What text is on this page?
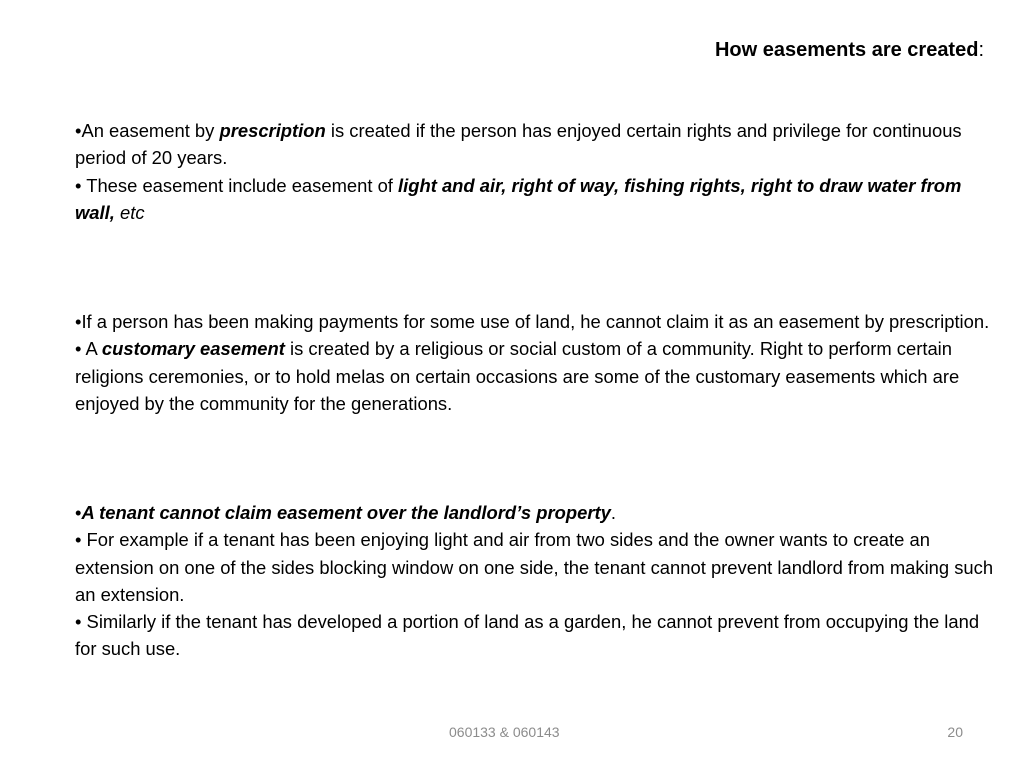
How easements are created:

•An easement by prescription is created if the person has enjoyed certain rights and privilege for continuous period of 20 years.

• These easement include easement of light and air, right of way, fishing rights, right to draw water from wall, etc

•If a person has been making payments for some use of land, he cannot claim it as an easement by prescription.

• A customary easement is created by a religious or social custom of a community. Right to perform certain religions ceremonies, or to hold melas on certain occasions are some of the customary easements which are enjoyed by the community for the generations.

•A tenant cannot claim easement over the landlord’s property.

• For example if a tenant has been enjoying light and air from two sides and the owner wants to create an extension on one of the sides blocking window on one side, the tenant cannot prevent landlord from making such an extension.

• Similarly if the tenant has developed a portion of land as a garden, he cannot prevent from occupying the land for such use.

060133 & 060143	20
